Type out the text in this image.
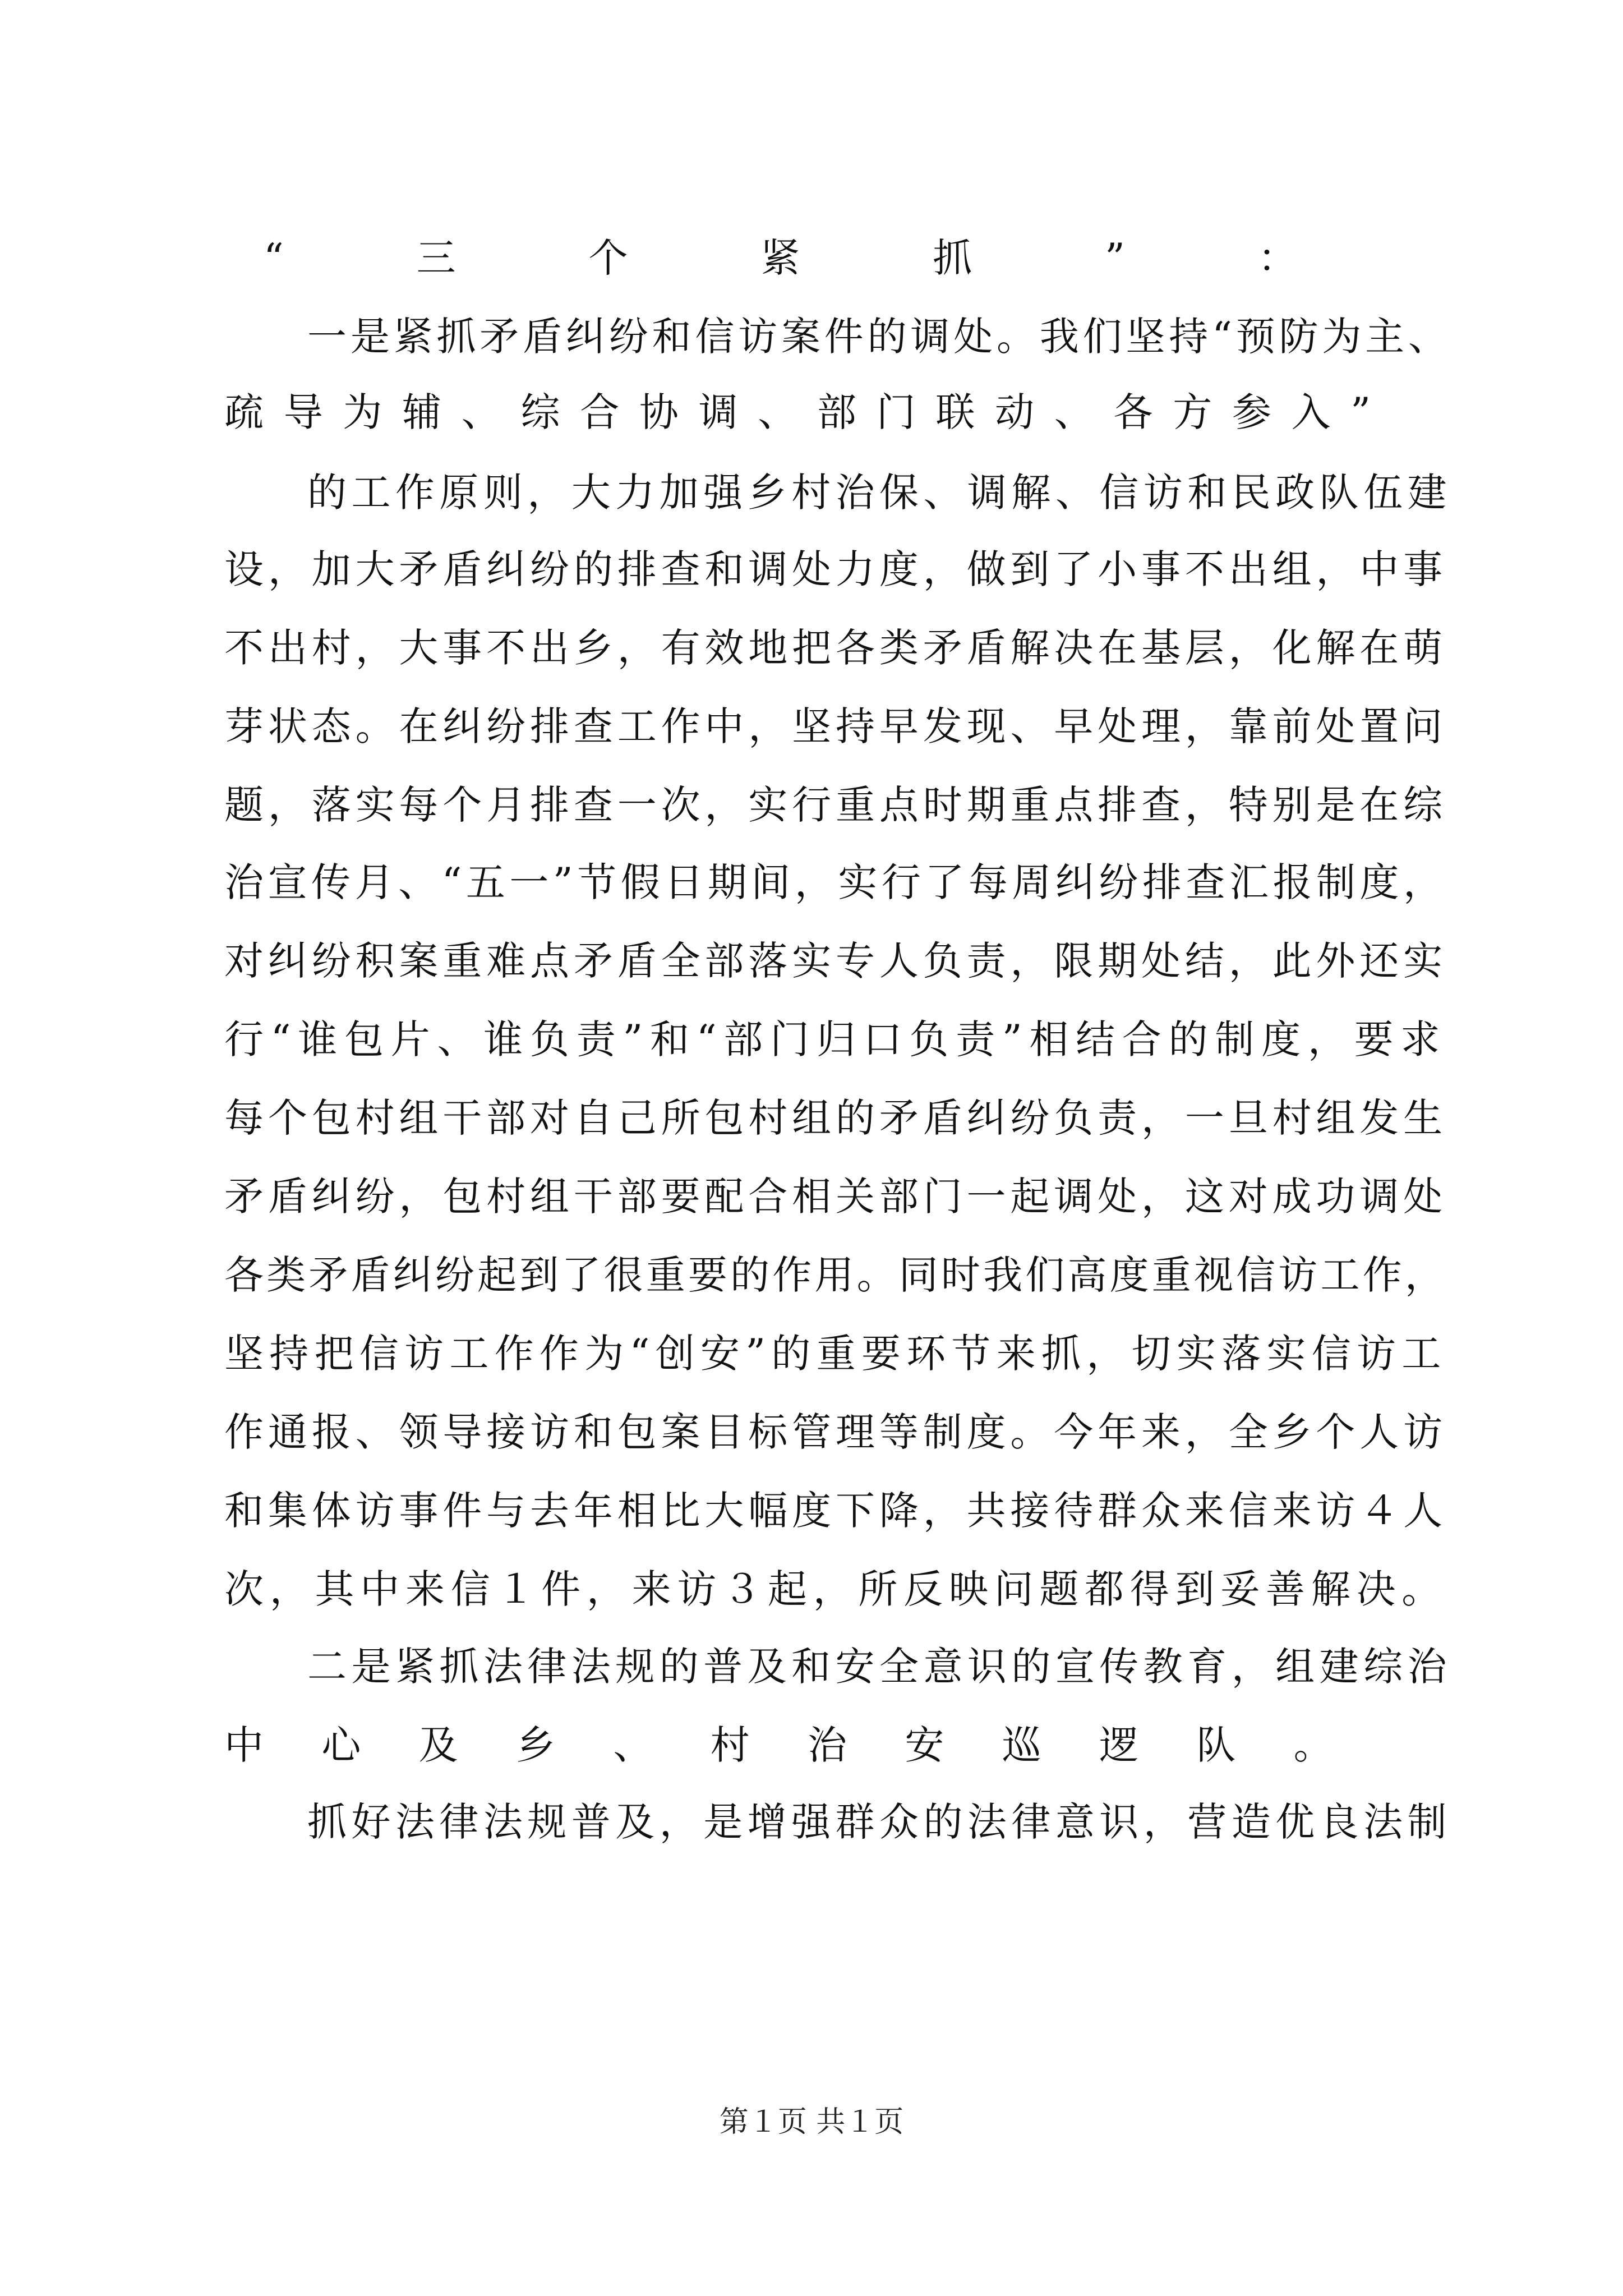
“三个紧抓”：
一是紧抓矛盾纠纷和信访案件的调处。我们坚持“预防为主、
疏导为辅、综合协调、部门联动、各方参入”
的工作原则，大力加强乡村治保、调解、信访和民政队伍建
设，加大矛盾纠纷的排查和调处力度，做到了小事不出组，中事
不出村，大事不出乡，有效地把各类矛盾解决在基层，化解在萌
芽状态。在纠纷排查工作中，坚持早发现、早处理，靠前处置问
题，落实每个月排查一次，实行重点时期重点排查，特别是在综
治宣传月、“五一”节假日期间，实行了每周纠纷排查汇报制度，
对纠纷积案重难点矛盾全部落实专人负责，限期处结，此外还实
行“谁包片、谁负责”和“部门归口负责”相结合的制度，要求
每个包村组干部对自己所包村组的矛盾纠纷负责，一旦村组发生
矛盾纠纷，包村组干部要配合相关部门一起调处，这对成功调处
各类矛盾纠纷起到了很重要的作用。同时我们高度重视信访工作，
坚持把信访工作作为“创安”的重要环节来抓，切实落实信访工
作通报、领导接访和包案目标管理等制度。今年来，全乡个人访
和集体访事件与去年相比大幅度下降，共接待群众来信来访４人
次，其中来信１件，来访３起，所反映问题都得到妥善解决。
二是紧抓法律法规的普及和安全意识的宣传教育，组建综治
中心及乡、村治安巡逻队。
抓好法律法规普及，是增强群众的法律意识，营造优良法制
第１页 共１页
